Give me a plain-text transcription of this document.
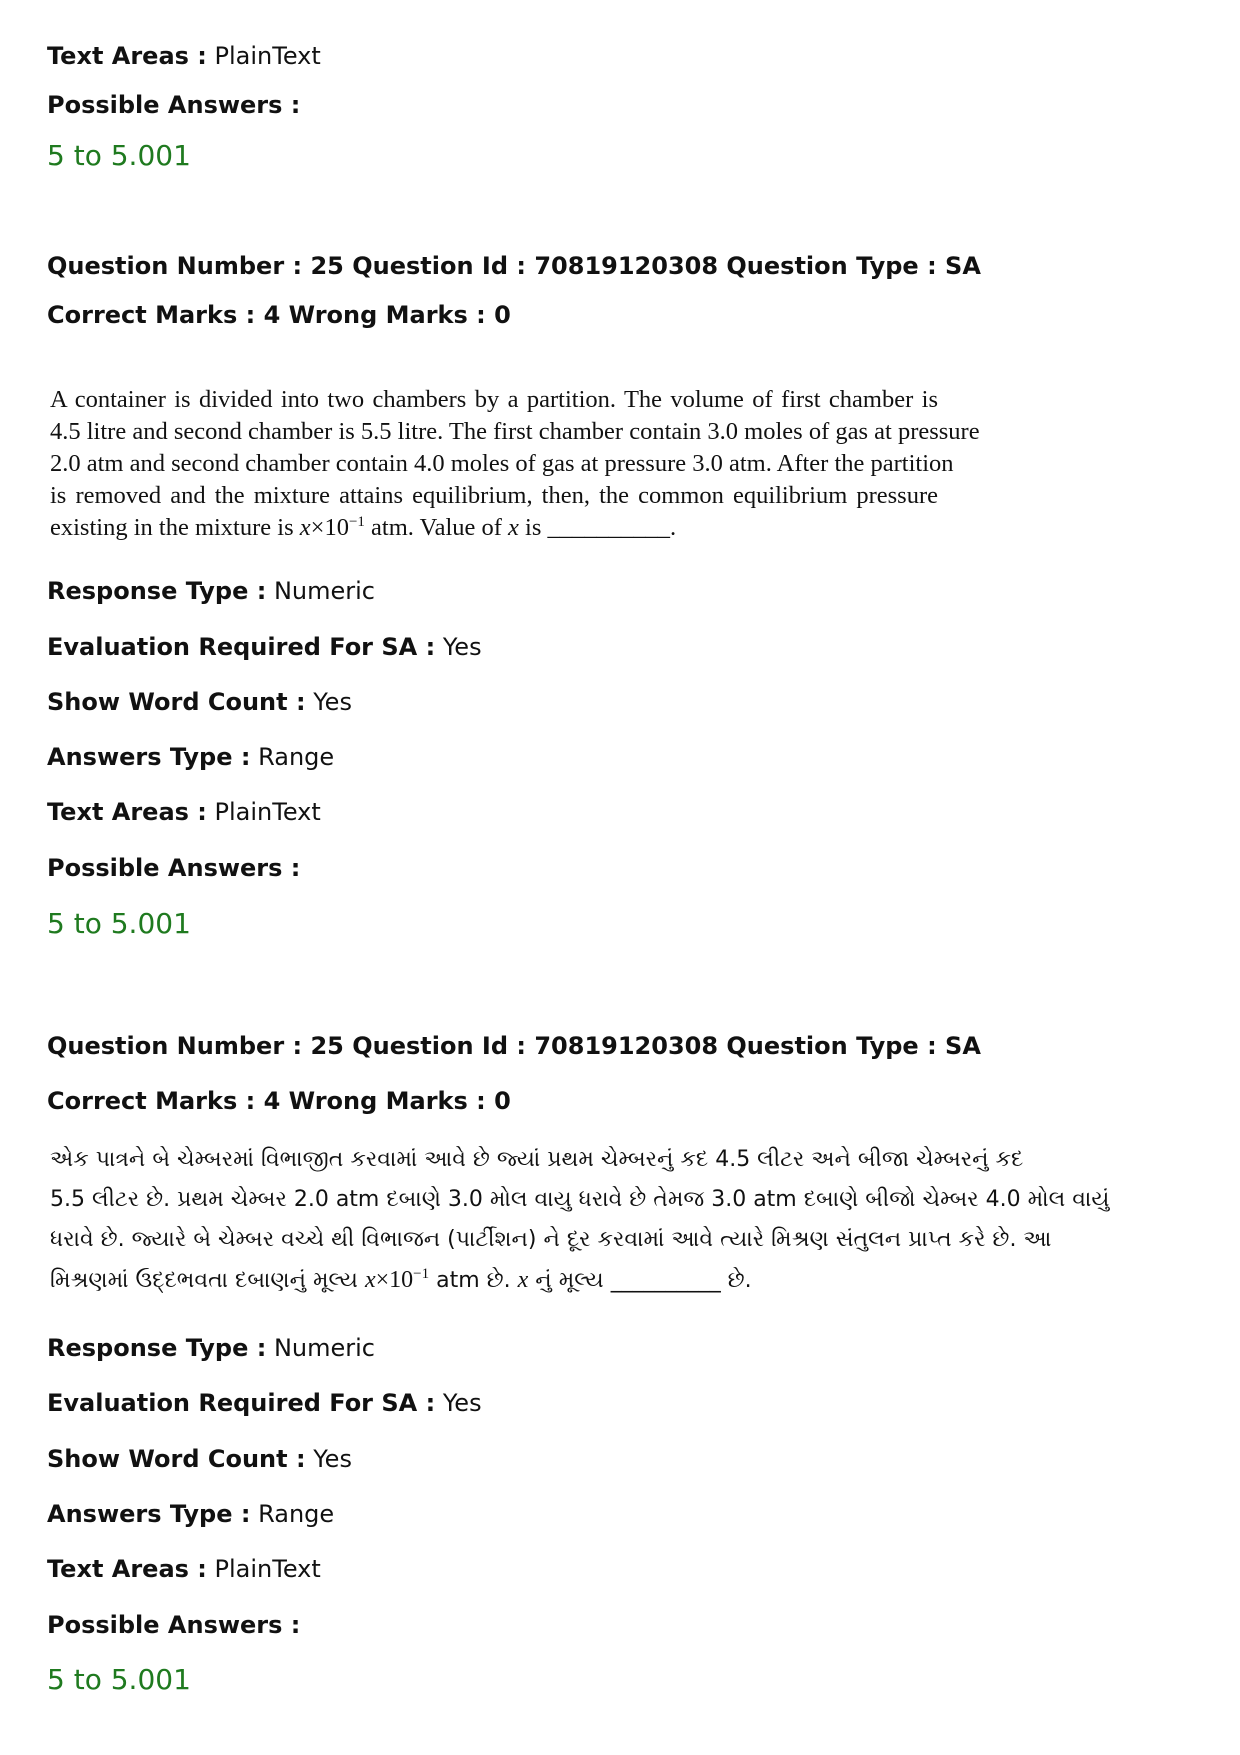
Text Areas : PlainText
Possible Answers :
5 to 5.001
Question Number : 25 Question Id : 70819120308 Question Type : SA
Correct Marks : 4 Wrong Marks : 0
A container is divided into two chambers by a partition. The volume of first chamber is
4.5 litre and second chamber is 5.5 litre. The first chamber contain 3.0 moles of gas at pressure
2.0 atm and second chamber contain 4.0 moles of gas at pressure 3.0 atm. After the partition
is removed and the mixture attains equilibrium, then, the common equilibrium pressure
existing in the mixture is $x\times 10^{-1}$ atm. Value of x is __________.
Response Type : Numeric
Evaluation Required For SA : Yes
Show Word Count : Yes
Answers Type : Range
Text Areas : PlainText
Possible Answers :
5 to 5.001
Question Number : 25 Question Id : 70819120308 Question Type : SA
Correct Marks : 4 Wrong Marks : 0
એક પાત્રને બે ચેમ્બરમાં વિભાજીત કરવામાં આવે છે જ્યાં પ્રથમ ચેમ્બરનું કદ 4.5 લીટર અને બીજા ચેમ્બરનું કદ
5.5 લીટર છે. પ્રથમ ચેમ્બર 2.0 atm દબાણે 3.0 મોલ વાયુ ધરાવે છે તેમજ 3.0 atm દબાણે બીજો ચેમ્બર 4.0 મોલ વાયું
ધરાવે છે. જ્યારે બે ચેમ્બર વચ્ચે થી વિભાજન (પાર્ટીશન) ને દૂર કરવામાં આવે ત્યારે મિશ્રણ સંતુલન પ્રાપ્ત કરે છે. આ
મિશ્રણમાં ઉદ્દભવતા દબાણનું મૂલ્ય $x\times 10^{-1}$ atm છે. x નું મૂલ્ય __________ છે.
Response Type : Numeric
Evaluation Required For SA : Yes
Show Word Count : Yes
Answers Type : Range
Text Areas : PlainText
Possible Answers :
5 to 5.001
